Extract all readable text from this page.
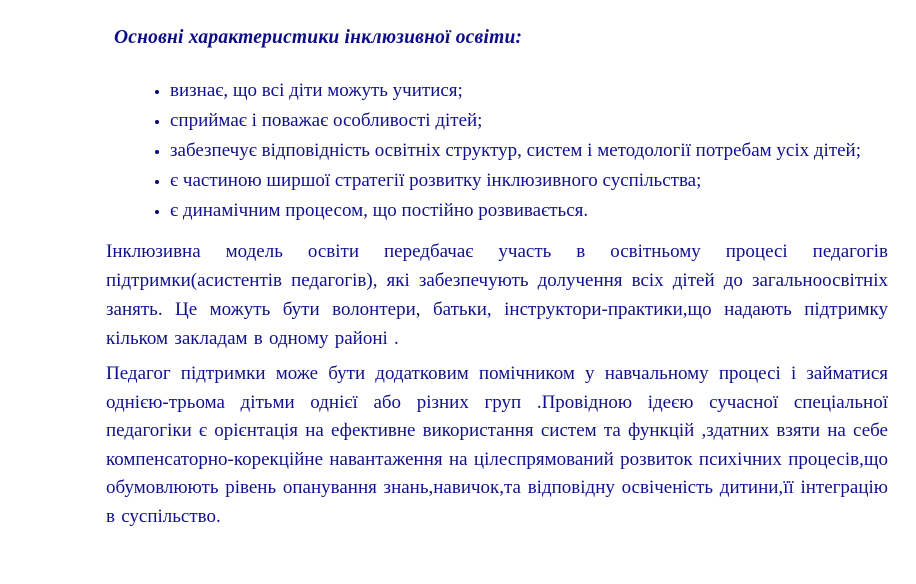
Основні характеристики інклюзивної освіти:
• визнає, що всі діти можуть учитися;
• сприймає і поважає особливості дітей;
• забезпечує відповідність освітніх структур, систем і методології потребам усіх дітей;
• є частиною ширшої стратегії розвитку інклюзивного суспільства;
• є динамічним процесом, що постійно розвивається.

Інклюзивна модель освіти передбачає участь в освітньому процесі педагогів підтримки(асистентів педагогів), які забезпечують долучення всіх дітей до загальноосвітніх занять. Це можуть бути волонтери, батьки, інструктори-практики,що надають підтримку кільком закладам в одному районі .

Педагог підтримки може бути додатковим помічником у навчальному процесі і займатися однією-трьома дітьми однієї або різних груп .Провідною ідеєю сучасної спеціальної педагогіки є орієнтація на ефективне використання систем та функцій ,здатних взяти на себе компенсаторно-корекційне навантаження на цілеспрямований розвиток психічних процесів,що обумовлюють рівень опанування знань,навичок,та відповідну освіченість дитини,її інтеграцію в суспільство.
